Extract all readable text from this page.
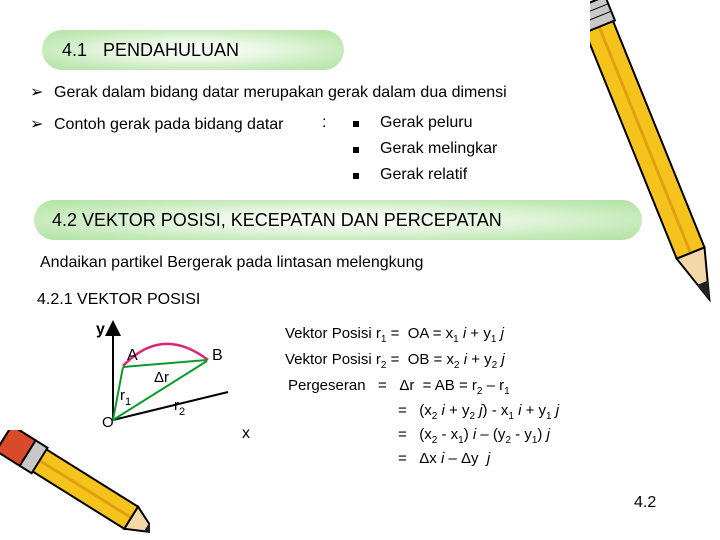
4.1 PENDAHULUAN
➢ Gerak dalam bidang datar merupakan gerak dalam dua dimensi
➢ Contoh gerak pada bidang datar :	Gerak peluru
Gerak melingkar
Gerak relatif
4.2 VEKTOR POSISI, KECEPATAN DAN PERCEPATAN
Andaikan partikel Bergerak pada lintasan melengkung
4.2.1 VEKTOR POSISI
y
A	B
$r_1$	$r_2$
Δr
O
x
Vektor Posisi $r_1$ =  OA = $x_1$ $i + y_1$ j
Vektor Posisi $r_2$ =  OB = $x_2$ $i + y_2$ j
Pergeseran   =   Δr  = AB = $r_2 - r_1$
=   ($x_2$ $i + y_2$ $j) - x_1$ $i + y_1$ j
=   $(x_2 - x_1)$ i – $(y_2 - y_1)$ j
=   Δx i – Δy  j
4.2
